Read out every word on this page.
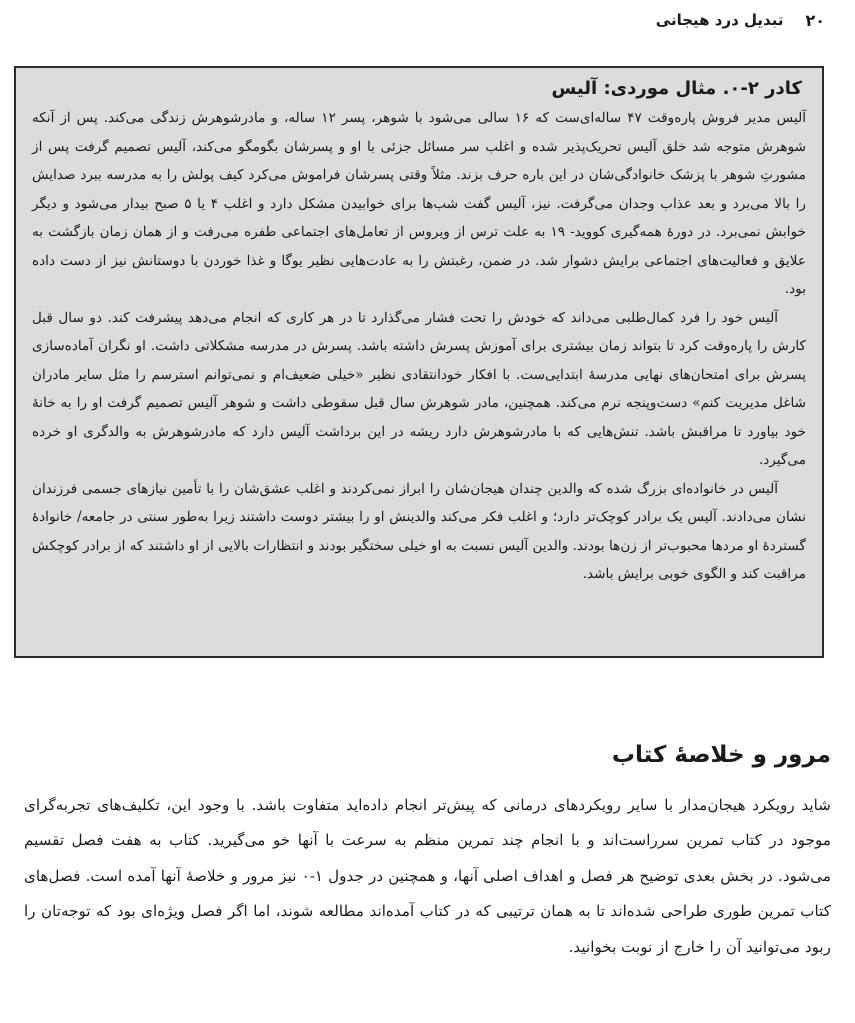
۲۰
تبدیل درد هیجانی
کادر ۲-۰. مثال موردی: آلیس

آلیس مدیر فروش پاره‌وقت ۴۷ ساله‌ای‌ست که ۱۶ سالی می‌شود با شوهر، پسر ۱۲ ساله، و مادرشوهرش زندگی می‌کند. پس از آنکه شوهرش متوجه شد خلق آلیس تحریک‌پذیر شده و اغلب سر مسائل جزئی با او و پسرشان بگومگو می‌کند، آلیس تصمیم گرفت پس از مشورتِ شوهر با پزشک خانوادگی‌شان در این باره حرف بزند. مثلاً وقتی پسرشان فراموش می‌کرد کیف پولش را به مدرسه ببرد صدایش را بالا می‌برد و بعد عذاب وجدان می‌گرفت. نیز، آلیس گفت شب‌ها برای خوابیدن مشکل دارد و اغلب ۴ یا ۵ صبح بیدار می‌شود و دیگر خوابش نمی‌برد. در دورهٔ همه‌گیری کووید- ۱۹ به علت ترس از ویروس از تعامل‌های اجتماعی طفره می‌رفت و از همان زمان بازگشت به علایق و فعالیت‌های اجتماعی برایش دشوار شد. در ضمن، رغبتش را به عادت‌هایی نظیر یوگا و غذا خوردن با دوستانش نیز از دست داده بود.

آلیس خود را فرد کمال‌طلبی می‌داند که خودش را تحت فشار می‌گذارد تا در هر کاری که انجام می‌دهد پیشرفت کند. دو سال قبل کارش را پاره‌وقت کرد تا بتواند زمان بیشتری برای آموزش پسرش داشته باشد. پسرش در مدرسه مشکلاتی داشت. او نگران آماده‌سازی پسرش برای امتحان‌های نهایی مدرسهٔ ابتدایی‌ست. با افکار خودانتقادی نظیر «خیلی ضعیف‌ام و نمی‌توانم استرسم را مثل سایر مادران شاغل مدیریت کنم» دست‌وپنجه نرم می‌کند. همچنین، مادر شوهرش سال قبل سقوطی داشت و شوهر آلیس تصمیم گرفت او را به خانهٔ خود بیاورد تا مراقبش باشد. تنش‌هایی که با مادرشوهرش دارد ریشه در این برداشت آلیس دارد که مادرشوهرش به والدگری او خرده می‌گیرد.

آلیس در خانواده‌ای بزرگ شده که والدین چندان هیجان‌شان را ابراز نمی‌کردند و اغلب عشق‌شان را با تأمین نیازهای جسمی فرزندان نشان می‌دادند. آلیس یک برادر کوچک‌تر دارد؛ و اغلب فکر می‌کند والدینش او را بیشتر دوست داشتند زیرا به‌طور سنتی در جامعه/ خانوادهٔ گستردهٔ او مردها محبوب‌تر از زن‌ها بودند. والدین آلیس نسبت به او خیلی سختگیر بودند و انتظارات بالایی از او داشتند که از برادر کوچکش مراقبت کند و الگوی خوبی برایش باشد.

مرور و خلاصهٔ کتاب

شاید رویکرد هیجان‌مدار با سایر رویکردهای درمانی که پیش‌تر انجام داده‌اید متفاوت باشد. با وجود این، تکلیف‌های تجربه‌گرای موجود در کتاب تمرین سرراست‌اند و با انجام چند تمرین منظم به سرعت با آنها خو می‌گیرید. کتاب به هفت فصل تقسیم می‌شود. در بخش بعدی توضیح هر فصل و اهداف اصلی آنها، و همچنین در جدول ۱-۰ نیز مرور و خلاصهٔ آنها آمده است. فصل‌های کتاب تمرین طوری طراحی شده‌اند تا به همان ترتیبی که در کتاب آمده‌اند مطالعه شوند، اما اگر فصل ویژه‌ای بود که توجه‌تان را ربود می‌توانید آن را خارج از نوبت بخوانید.
